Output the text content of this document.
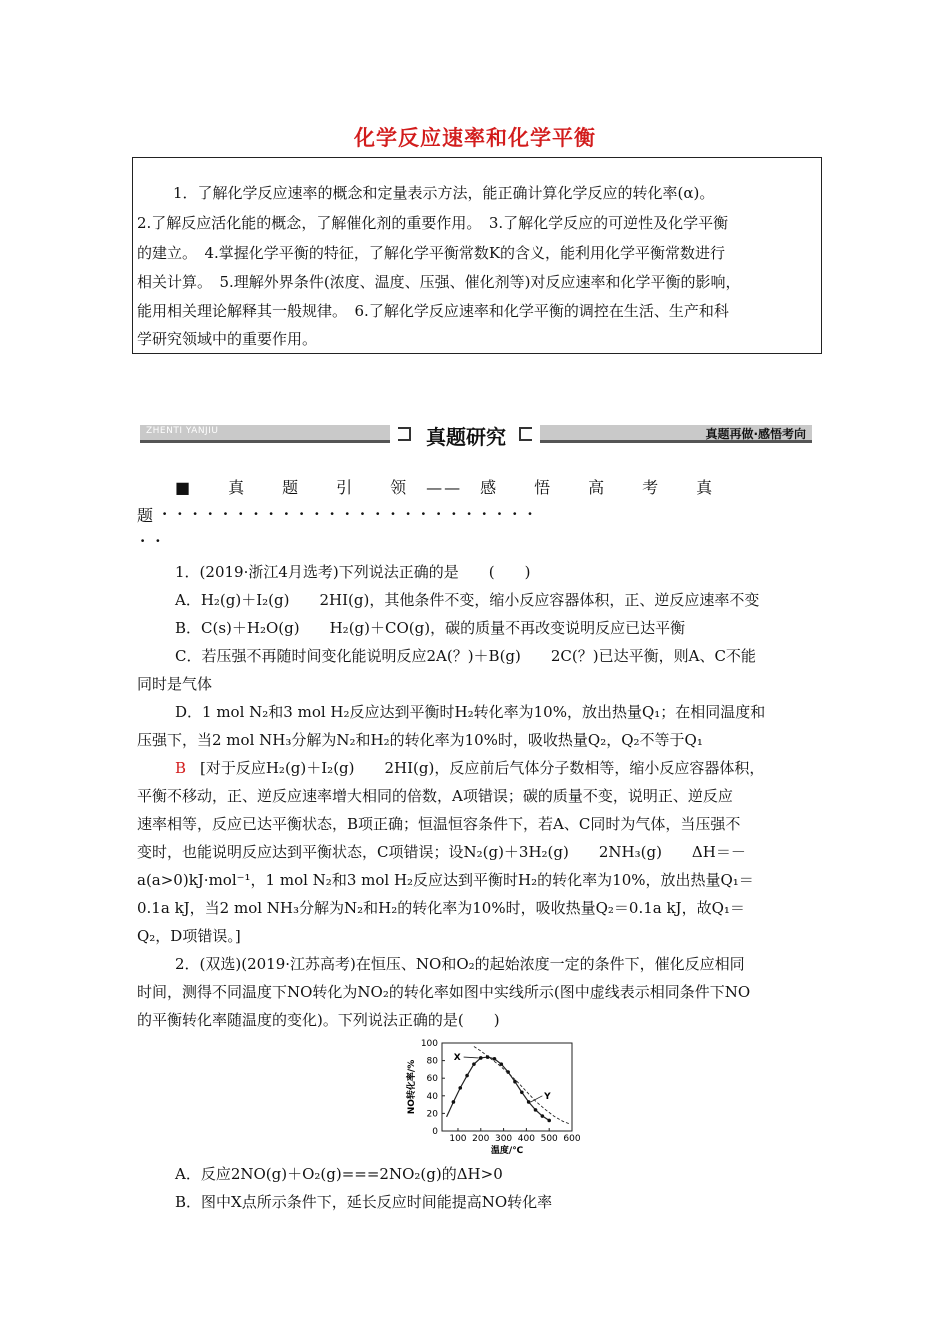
化学反应速率和化学平衡
1．了解化学反应速率的概念和定量表示方法，能正确计算化学反应的转化率(α)。
2.了解反应活化能的概念，了解催化剂的重要作用。　3.了解化学反应的可逆性及化学平衡
的建立。　4.掌握化学平衡的特征，了解化学平衡常数K的含义，能利用化学平衡常数进行
相关计算。　5.理解外界条件(浓度、温度、压强、催化剂等)对反应速率和化学平衡的影响，
能用相关理论解释其一般规律。　6.了解化学反应速率和化学平衡的调控在生活、生产和科
学研究领域中的重要作用。
ZHENTI YANJIU	真题研究	真题再做·感悟考向
■　　真　　题　　引　　领　——　感　　悟　　高　　考　　真
题 ·························
··
1．(2019·浙江4月选考)下列说法正确的是　　(　　)
A．H₂(g)＋I₂(g)　　2HI(g)，其他条件不变，缩小反应容器体积，正、逆反应速率不变
B．C(s)＋H₂O(g)　　H₂(g)＋CO(g)，碳的质量不再改变说明反应已达平衡
C．若压强不再随时间变化能说明反应2A(？)＋B(g)　　2C(？)已达平衡，则A、C不能
同时是气体
D．1 mol N₂和3 mol H₂反应达到平衡时H₂转化率为10%，放出热量Q₁；在相同温度和
压强下，当2 mol NH₃分解为N₂和H₂的转化率为10%时，吸收热量Q₂，Q₂不等于Q₁
B [对于反应H₂(g)＋I₂(g)　　2HI(g)，反应前后气体分子数相等，缩小反应容器体积，
平衡不移动，正、逆反应速率增大相同的倍数，A项错误；碳的质量不变，说明正、逆反应
速率相等，反应已达平衡状态，B项正确；恒温恒容条件下，若A、C同时为气体，当压强不
变时，也能说明反应达到平衡状态，C项错误；设N₂(g)＋3H₂(g)　　2NH₃(g)　　ΔH＝－
a(a>0)kJ·mol⁻¹，1 mol N₂和3 mol H₂反应达到平衡时H₂的转化率为10%，放出热量Q₁＝
0.1a kJ，当2 mol NH₃分解为N₂和H₂的转化率为10%时，吸收热量Q₂＝0.1a kJ，故Q₁＝
Q₂，D项错误。]
2．(双选)(2019·江苏高考)在恒压、NO和O₂的起始浓度一定的条件下，催化反应相同
时间，测得不同温度下NO转化为NO₂的转化率如图中实线所示(图中虚线表示相同条件下NO
的平衡转化率随温度的变化)。下列说法正确的是(　　)
0
20
40
60
80
100
100 200 300 400 500 600
温度/℃
NO转化率/%
X
Y
A．反应2NO(g)＋O₂(g)===2NO₂(g)的ΔH>0
B．图中X点所示条件下，延长反应时间能提高NO转化率
